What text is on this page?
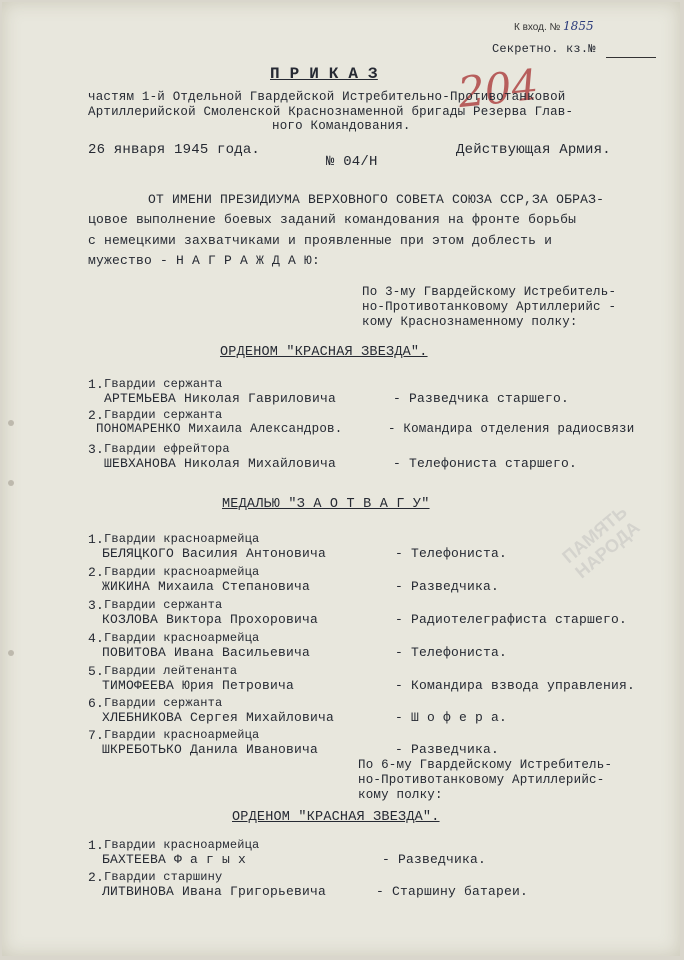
ПАМЯТЬ НАРОДА
К вход. № 1855
Секретно. кз.№
204
П Р И К А З
частям 1-й Отдельной Гвардейской Истребительно-Противотанковой
Артиллерийской Смоленской Краснознаменной бригады Резерва Глав-
ного Командования.
26 января 1945 года.
№ 04/Н
Действующая Армия.
ОТ ИМЕНИ ПРЕЗИДИУМА ВЕРХОВНОГО СОВЕТА СОЮЗА ССР,ЗА ОБРАЗ-
цовое выполнение боевых заданий командования на фронте борьбы
с немецкими захватчиками и проявленные при этом доблесть и
мужество - Н А Г Р А Ж Д А Ю:
По 3-му Гвардейскому Истребитель-
но-Противотанковому Артиллерийс -
кому Краснознаменному полку:
ОРДЕНОМ "КРАСНАЯ ЗВЕЗДА".
1. Гвардии сержанта
АРТЕМЬЕВА Николая Гавриловича	- Разведчика старшего.
2. Гвардии сержанта
ПОНОМАРЕНКО Михаила Александров.	- Командира отделения радиосвязи
3. Гвардии ефрейтора
ШЕВХАНОВА Николая Михайловича	- Телефониста старшего.
МЕДАЛЬЮ "З А О Т В А Г У"
1. Гвардии красноармейца
БЕЛЯЦКОГО Василия Антоновича	- Телефониста.
2. Гвардии красноармейца
ЖИКИНА Михаила Степановича	- Разведчика.
3. Гвардии сержанта
КОЗЛОВА Виктора Прохоровича	- Радиотелеграфиста старшего.
4. Гвардии красноармейца
ПОВИТОВА Ивана Васильевича	- Телефониста.
5. Гвардии лейтенанта
ТИМОФЕЕВА Юрия Петровича	- Командира взвода управления.
6. Гвардии сержанта
ХЛЕБНИКОВА Сергея Михайловича	- Ш о ф е р а.
7. Гвардии красноармейца
ШКРЕБОТЬКО Данила Ивановича	- Разведчика.
По 6-му Гвардейскому Истребитель-
но-Противотанковому Артиллерийс-
кому полку:
ОРДЕНОМ "КРАСНАЯ ЗВЕЗДА".
1. Гвардии красноармейца
БАХТЕЕВА Ф а г ы х	- Разведчика.
2. Гвардии старшину
ЛИТВИНОВА Ивана Григорьевича	- Старшину батареи.
